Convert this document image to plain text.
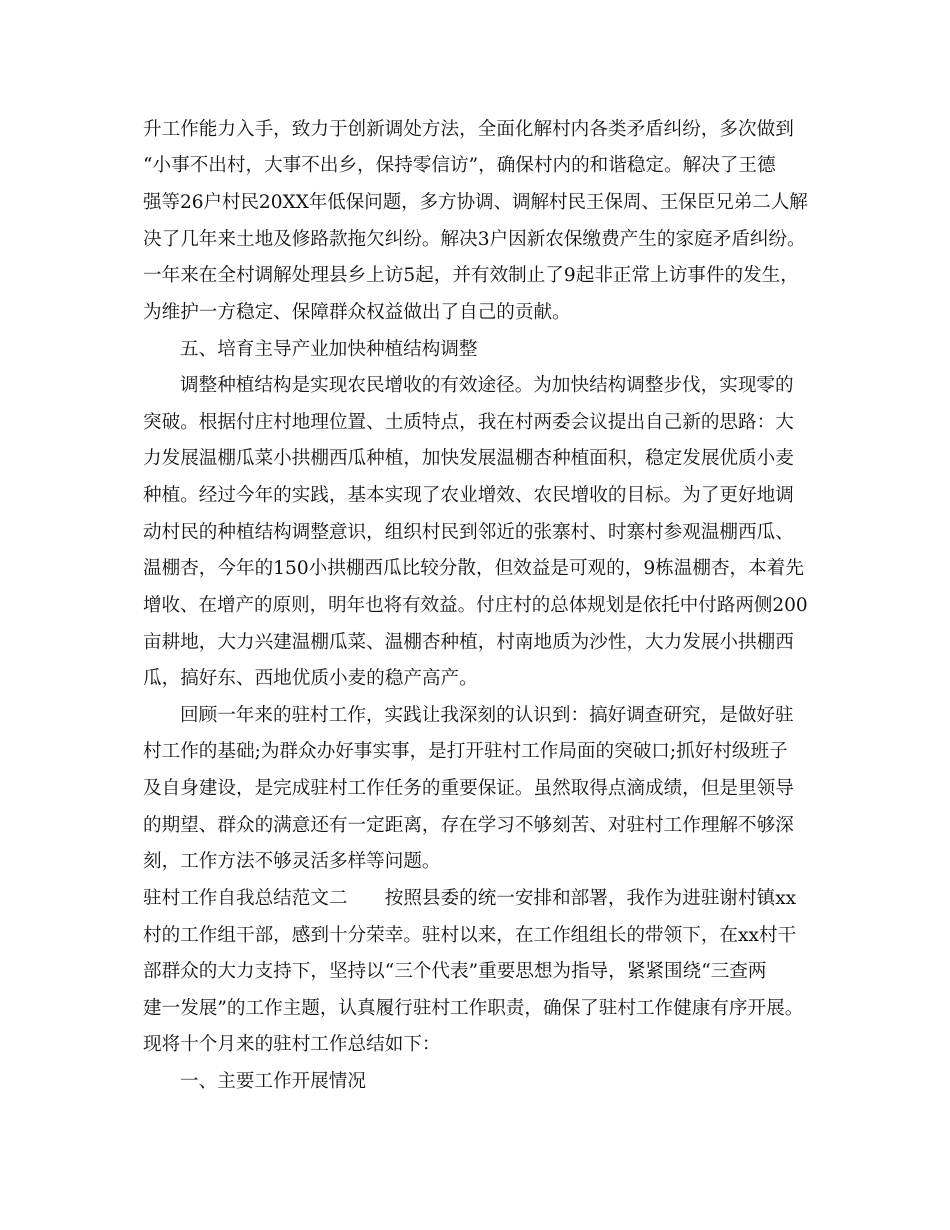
升工作能力入手，致力于创新调处方法，全面化解村内各类矛盾纠纷，多次做到
“小事不出村，大事不出乡，保持零信访”，确保村内的和谐稳定。解决了王德
强等26户村民20XX年低保问题，多方协调、调解村民王保周、王保臣兄弟二人解
决了几年来土地及修路款拖欠纠纷。解决3户因新农保缴费产生的家庭矛盾纠纷。
一年来在全村调解处理县乡上访5起，并有效制止了9起非正常上访事件的发生，
为维护一方稳定、保障群众权益做出了自己的贡献。
五、培育主导产业加快种植结构调整
调整种植结构是实现农民增收的有效途径。为加快结构调整步伐，实现零的
突破。根据付庄村地理位置、土质特点，我在村两委会议提出自己新的思路：大
力发展温棚瓜菜小拱棚西瓜种植，加快发展温棚杏种植面积，稳定发展优质小麦
种植。经过今年的实践，基本实现了农业增效、农民增收的目标。为了更好地调
动村民的种植结构调整意识，组织村民到邻近的张寨村、时寨村参观温棚西瓜、
温棚杏，今年的150小拱棚西瓜比较分散，但效益是可观的，9栋温棚杏，本着先
增收、在增产的原则，明年也将有效益。付庄村的总体规划是依托中付路两侧200
亩耕地，大力兴建温棚瓜菜、温棚杏种植，村南地质为沙性，大力发展小拱棚西
瓜，搞好东、西地优质小麦的稳产高产。
回顾一年来的驻村工作，实践让我深刻的认识到：搞好调查研究，是做好驻
村工作的基础;为群众办好事实事，是打开驻村工作局面的突破口;抓好村级班子
及自身建设，是完成驻村工作任务的重要保证。虽然取得点滴成绩，但是里领导
的期望、群众的满意还有一定距离，存在学习不够刻苦、对驻村工作理解不够深
刻，工作方法不够灵活多样等问题。
驻村工作自我总结范文二　　按照县委的统一安排和部署，我作为进驻谢村镇xx
村的工作组干部，感到十分荣幸。驻村以来，在工作组组长的带领下，在xx村干
部群众的大力支持下，坚持以“三个代表”重要思想为指导，紧紧围绕“三查两
建一发展”的工作主题，认真履行驻村工作职责，确保了驻村工作健康有序开展。
现将十个月来的驻村工作总结如下：
一、主要工作开展情况
